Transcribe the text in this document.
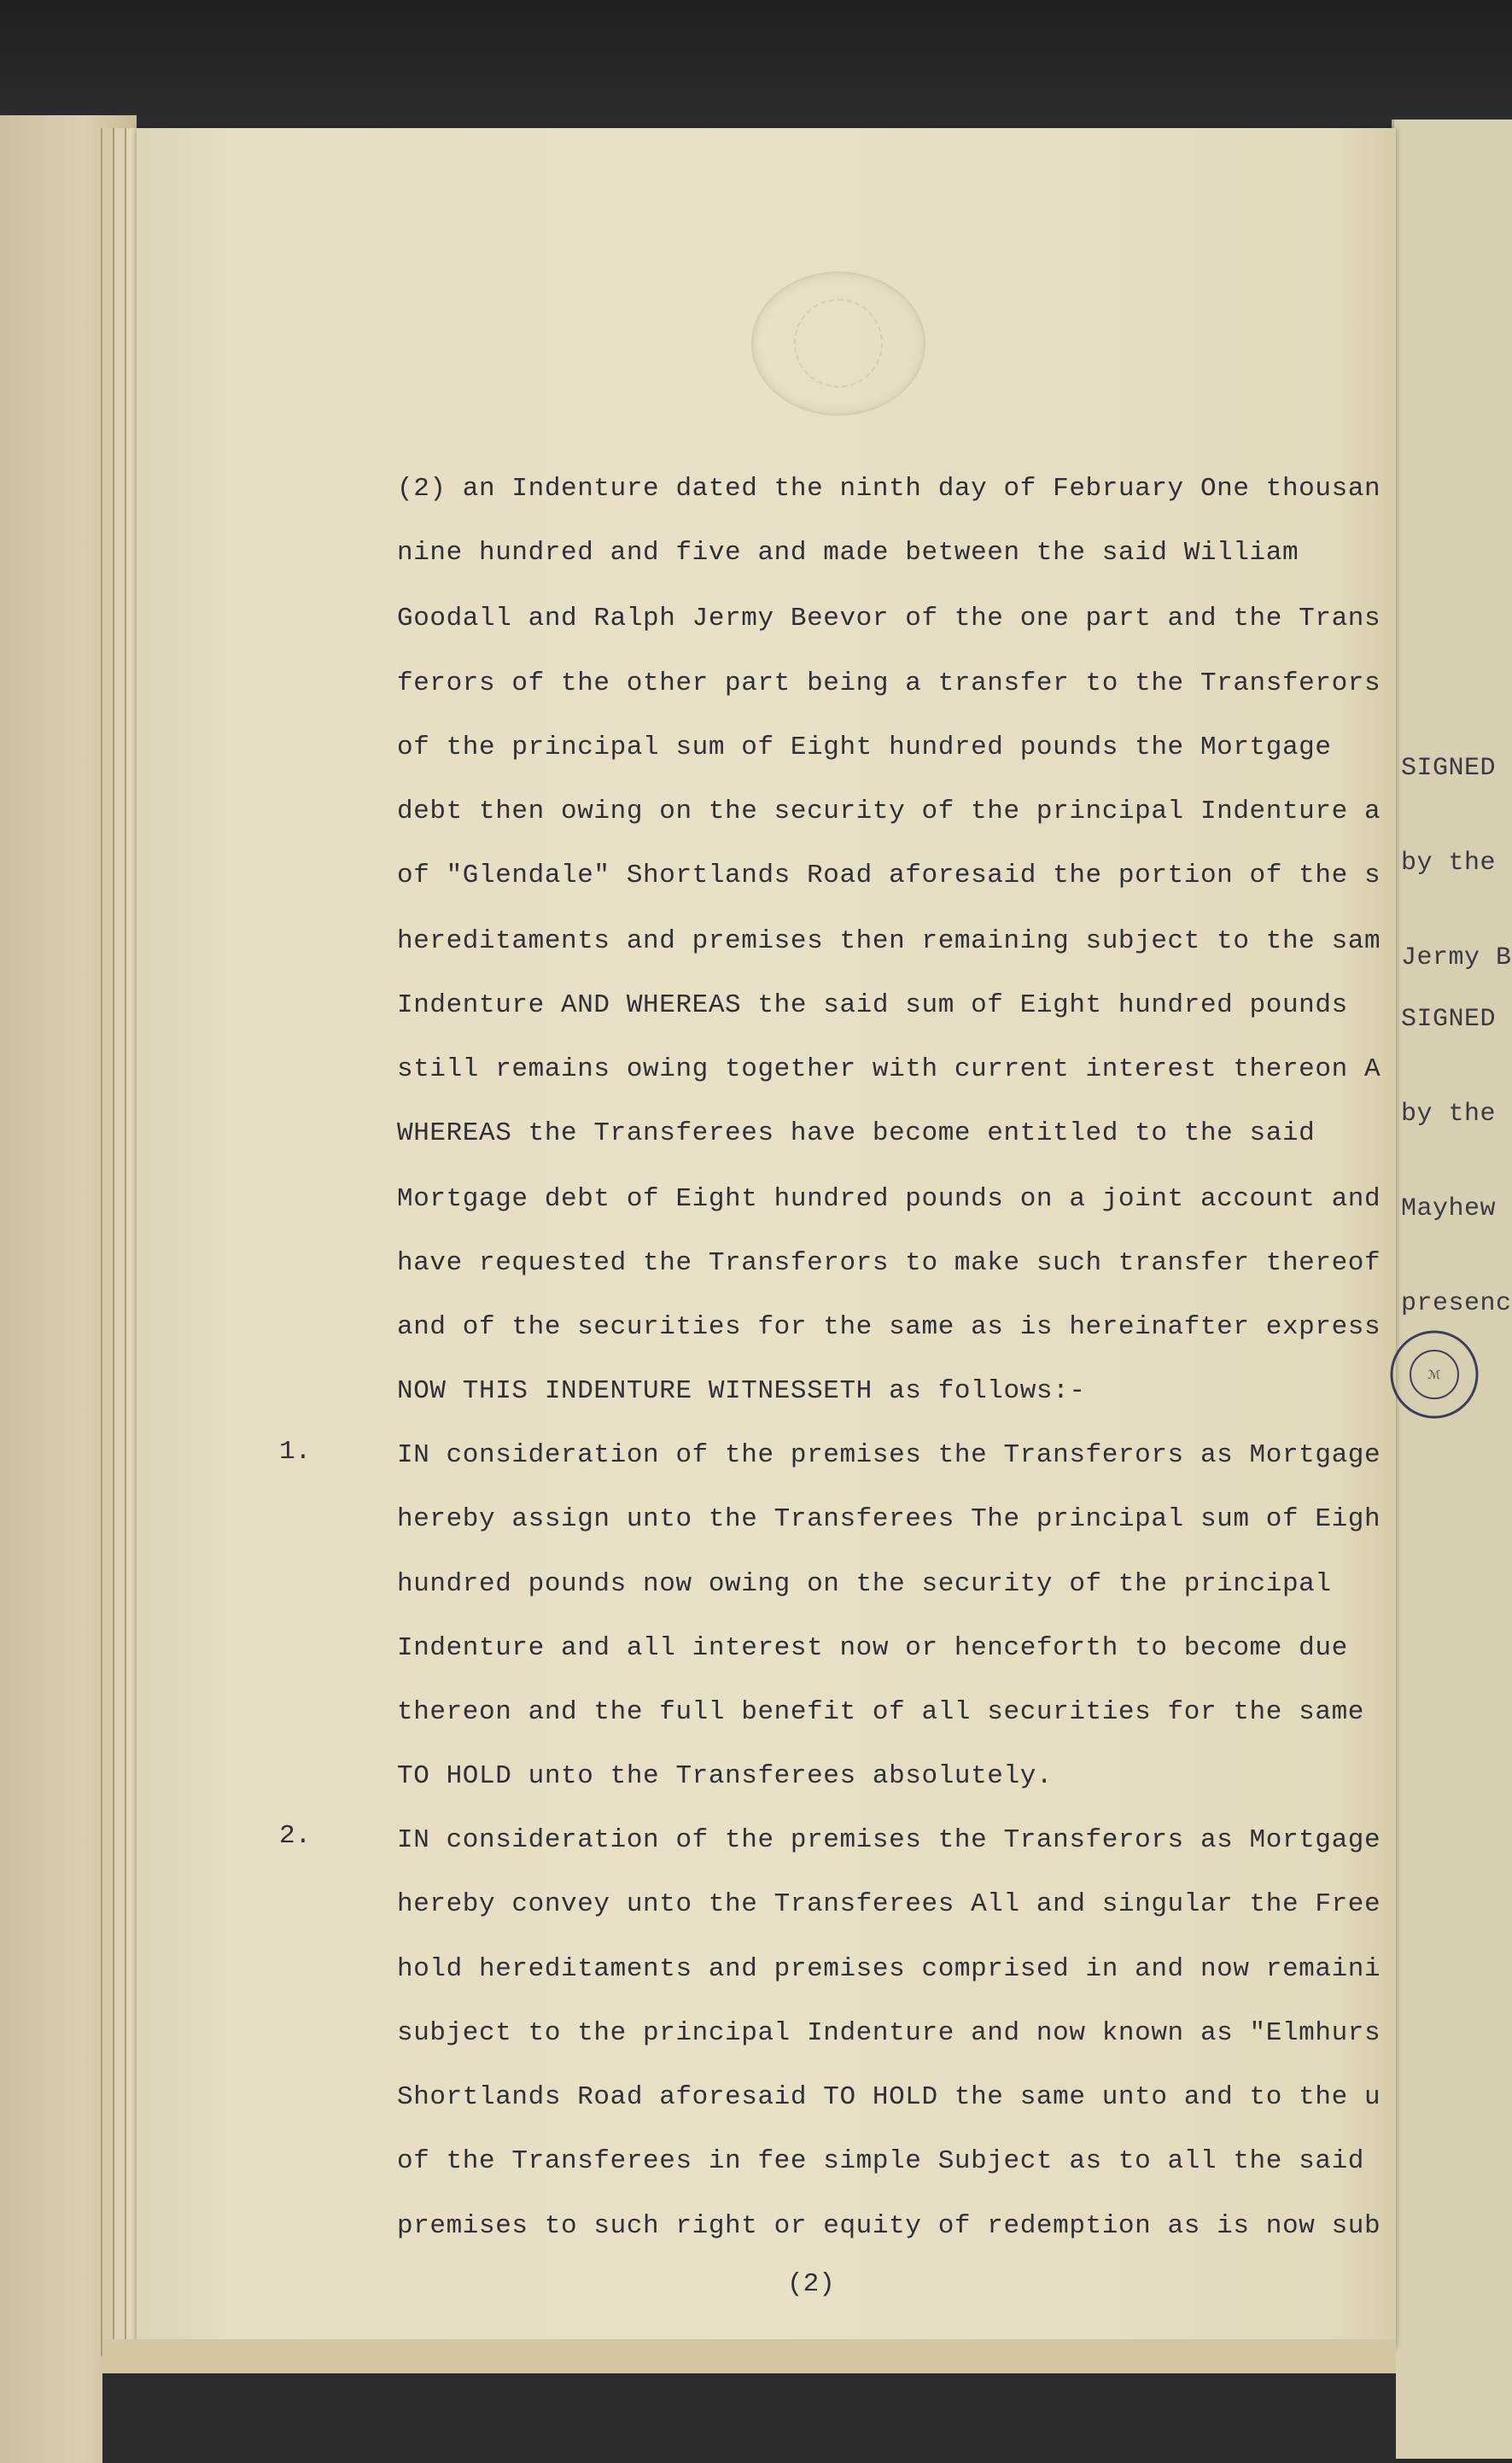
SIGNED

by the

Jermy B

SIGNED

by the

Mayhew

presenc

(2) an Indenture dated the ninth day of February One thousan
nine hundred and five and made between the said William
Goodall and Ralph Jermy Beevor of the one part and the Trans
ferors of the other part being a transfer to the Transferors
of the principal sum of Eight hundred pounds the Mortgage
debt then owing on the security of the principal Indenture a
of "Glendale" Shortlands Road aforesaid the portion of the s
hereditaments and premises then remaining subject to the sam
Indenture AND WHEREAS the said sum of Eight hundred pounds
still remains owing together with current interest thereon A
WHEREAS the Transferees have become entitled to the said
Mortgage debt of Eight hundred pounds on a joint account and
have requested the Transferors to make such transfer thereof
and of the securities for the same as is hereinafter express
NOW THIS INDENTURE WITNESSETH as follows:-
IN consideration of the premises the Transferors as Mortgage
hereby assign unto the Transferees The principal sum of Eigh
hundred pounds now owing on the security of the principal
Indenture and all interest now or henceforth to become due
thereon and the full benefit of all securities for the same
TO HOLD unto the Transferees absolutely.
IN consideration of the premises the Transferors as Mortgage
hereby convey unto the Transferees All and singular the Free
hold hereditaments and premises comprised in and now remaini
subject to the principal Indenture and now known as "Elmhurs
Shortlands Road aforesaid TO HOLD the same unto and to the u
of the Transferees in fee simple Subject as to all the said
premises to such right or equity of redemption as is now sub
1.
2.
(2)
ℳ
